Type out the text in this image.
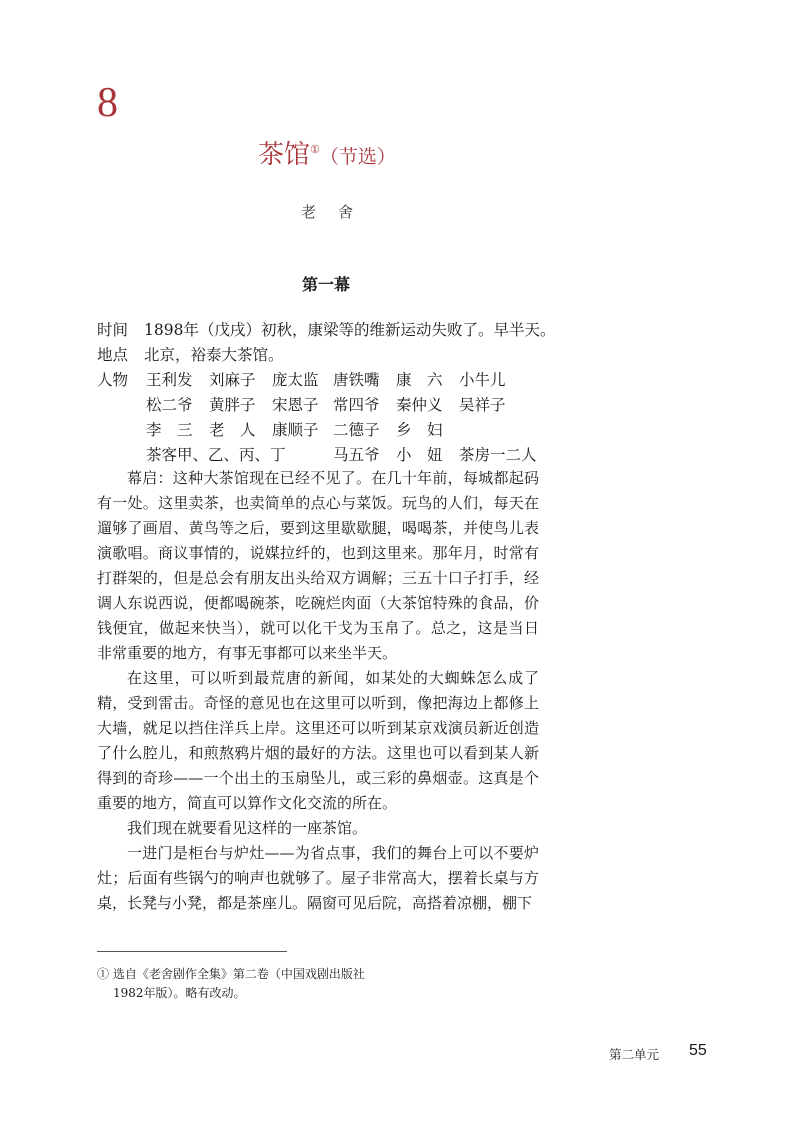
8
茶馆①（节选）
老舍
第一幕
时间 1898年（戊戌）初秋，康梁等的维新运动失败了。早半天。
地点 北京，裕泰大茶馆。
人物	王利发 刘麻子 庞太监 唐铁嘴 康　六 小牛儿
松二爷 黄胖子 宋恩子 常四爷 秦仲义 吴祥子
李　三 老　人 康顺子 二德子 乡　妇
茶客甲、乙、丙、丁	马五爷 小　妞 茶房一二人

幕启：这种大茶馆现在已经不见了。在几十年前，每城都起码有一处。这里卖茶，也卖简单的点心与菜饭。玩鸟的人们，每天在遛够了画眉、黄鸟等之后，要到这里歇歇腿，喝喝茶，并使鸟儿表演歌唱。商议事情的，说媒拉纤的，也到这里来。那年月，时常有打群架的，但是总会有朋友出头给双方调解；三五十口子打手，经调人东说西说，便都喝碗茶，吃碗烂肉面（大茶馆特殊的食品，价钱便宜，做起来快当），就可以化干戈为玉帛了。总之，这是当日非常重要的地方，有事无事都可以来坐半天。

在这里，可以听到最荒唐的新闻，如某处的大蜘蛛怎么成了精，受到雷击。奇怪的意见也在这里可以听到，像把海边上都修上大墙，就足以挡住洋兵上岸。这里还可以听到某京戏演员新近创造了什么腔儿，和煎熬鸦片烟的最好的方法。这里也可以看到某人新得到的奇珍——一个出土的玉扇坠儿，或三彩的鼻烟壶。这真是个重要的地方，简直可以算作文化交流的所在。

我们现在就要看见这样的一座茶馆。

一进门是柜台与炉灶——为省点事，我们的舞台上可以不要炉灶；后面有些锅勺的响声也就够了。屋子非常高大，摆着长桌与方桌，长凳与小凳，都是茶座儿。隔窗可见后院，高搭着凉棚，棚下

① 选自《老舍剧作全集》第二卷（中国戏剧出版社
1982年版）。略有改动。
第二单元 55
